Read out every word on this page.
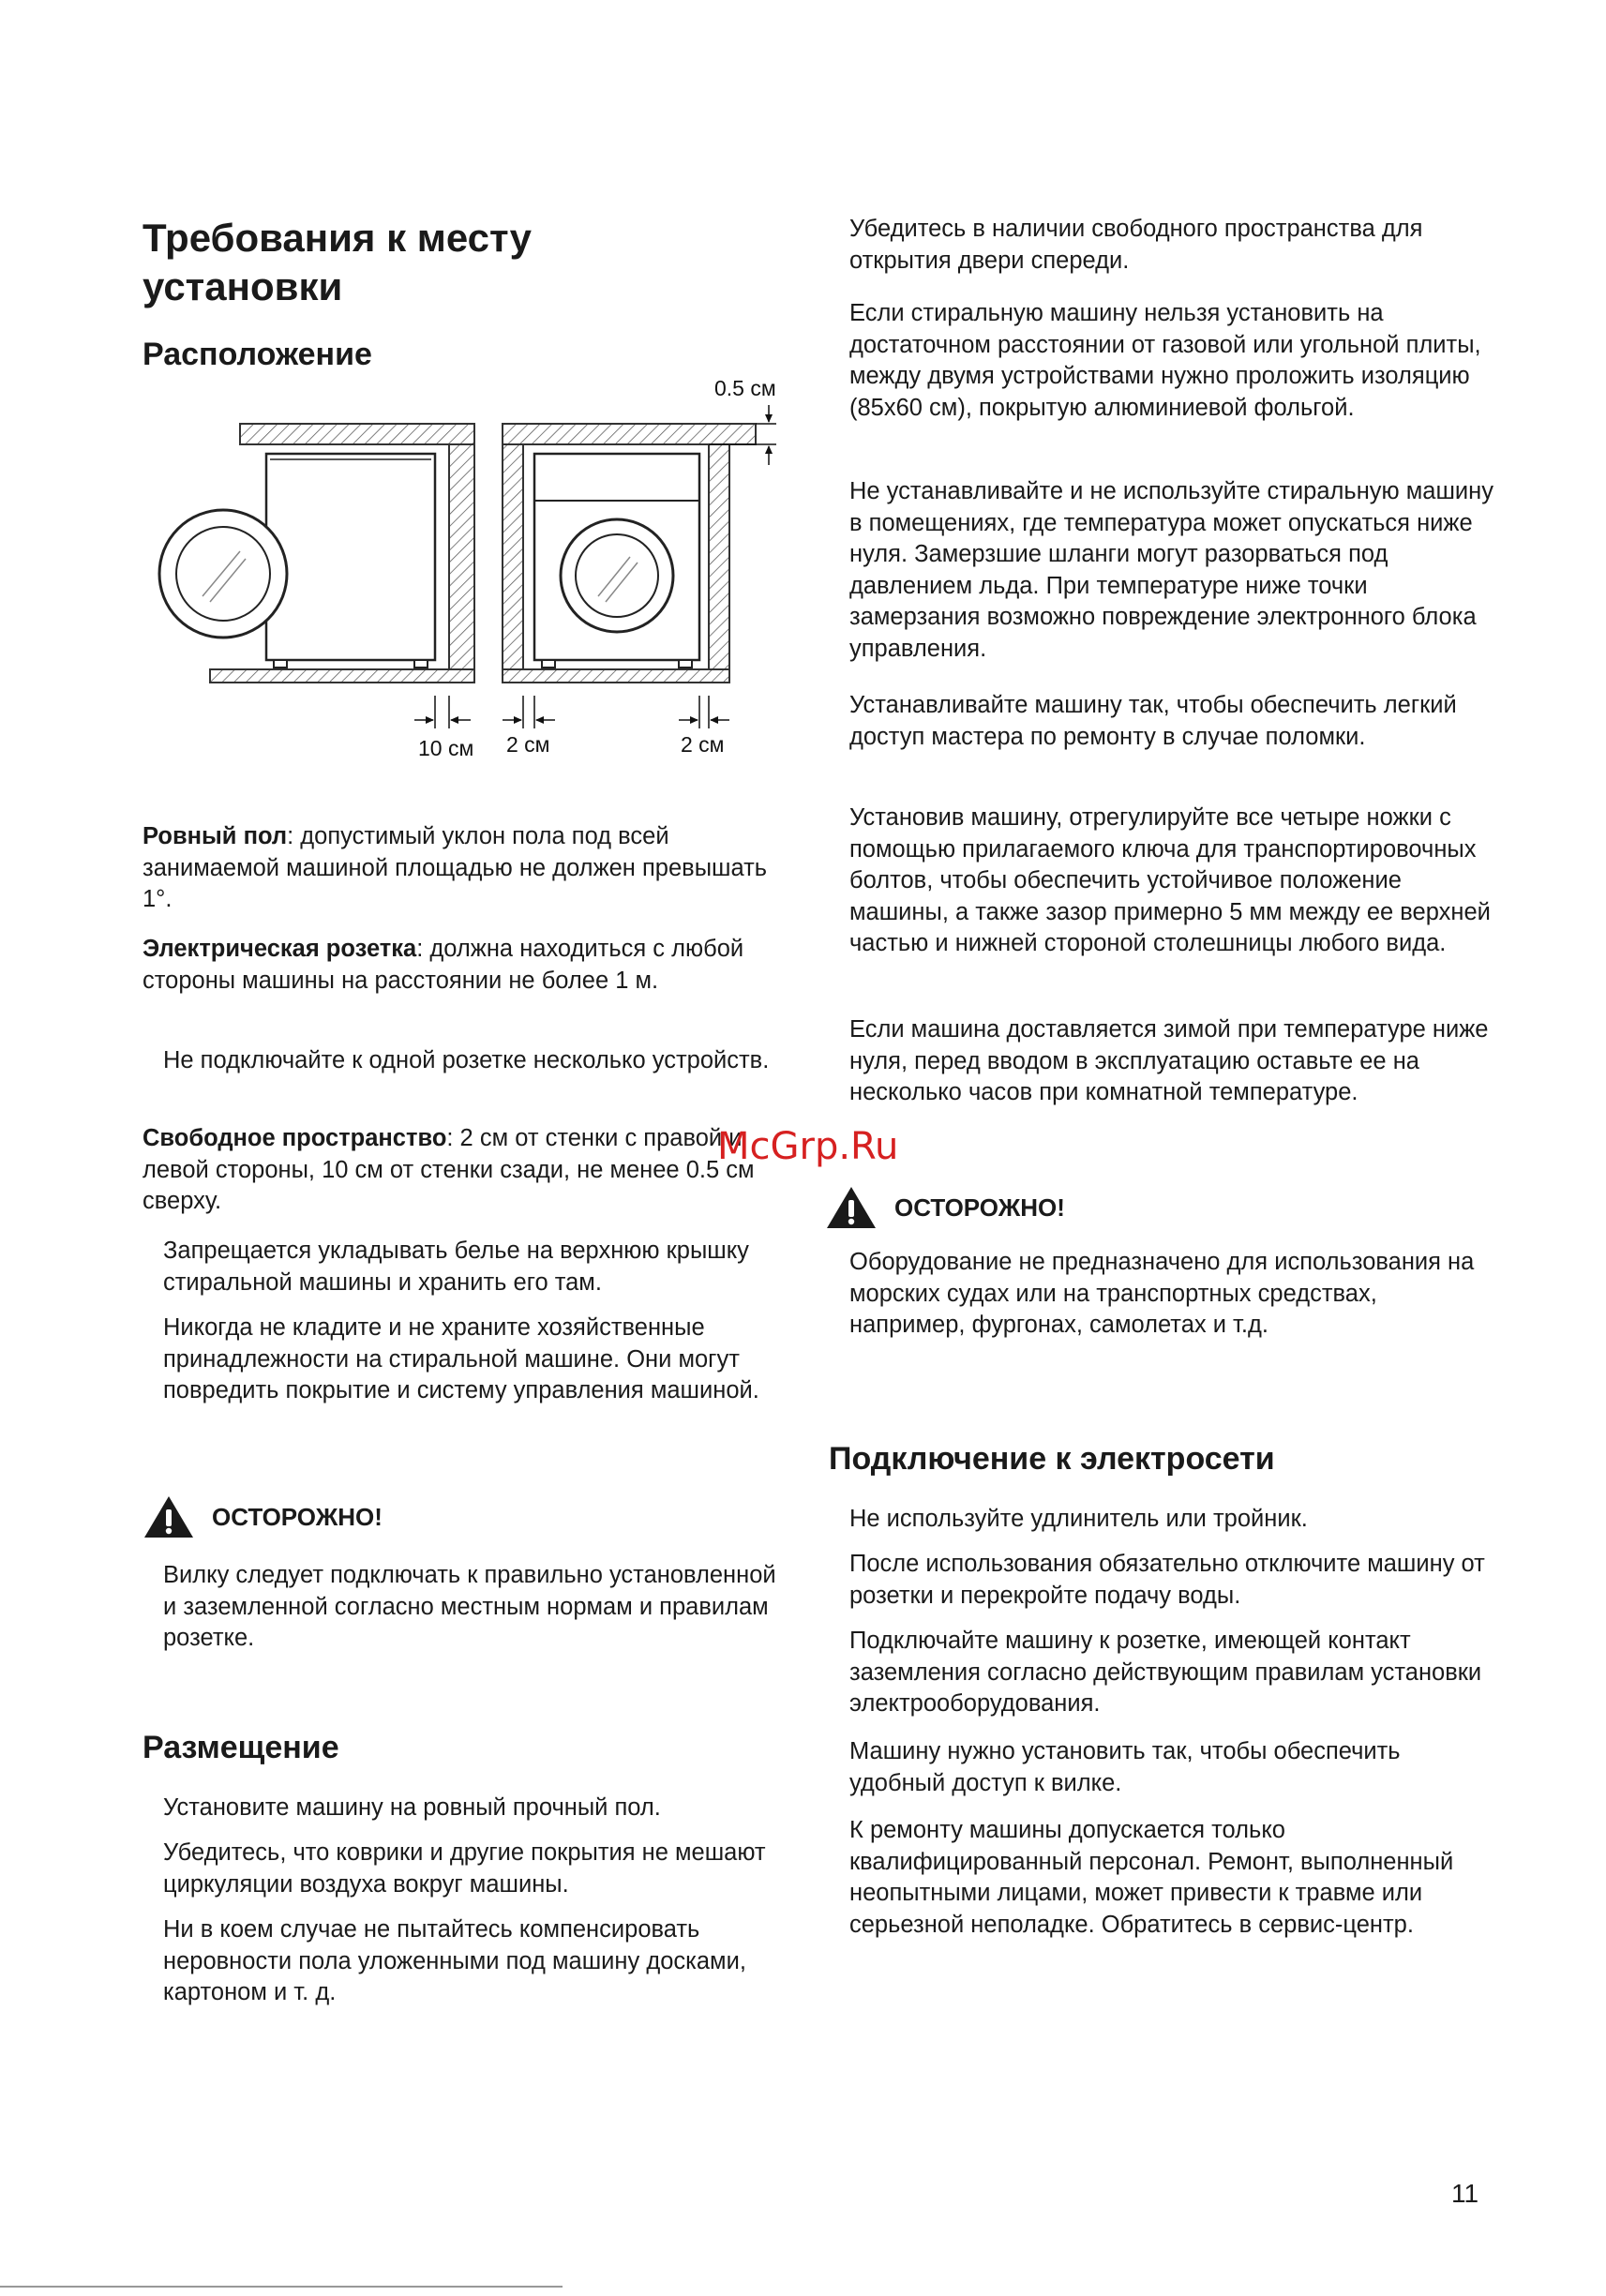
Требования к месту установки
Расположение
0.5 см
10 см 2 см	2 см

Ровный пол: допустимый уклон пола под всей занимаемой машиной площадью не должен превышать 1°.

Электрическая розетка: должна находиться с любой стороны машины на расстоянии не более 1 м.

Не подключайте к одной розетке несколько устройств.

Свободное пространство: 2 см от стенки с правой и левой стороны, 10 см от стенки сзади, не менее 0.5 см сверху.

Запрещается укладывать белье на верхнюю крышку стиральной машины и хранить его там.

Никогда не кладите и не храните хозяйственные принадлежности на стиральной машине. Они могут повредить покрытие и систему управления машиной.

ОСТОРОЖНО!

Вилку следует подключать к правильно установленной и заземленной согласно местным нормам и правилам розетке.

Размещение

Установите машину на ровный прочный пол.

Убедитесь, что коврики и другие покрытия не мешают циркуляции воздуха вокруг машины.

Ни в коем случае не пытайтесь компенсировать неровности пола уложенными под машину досками, картоном и т. д.

Убедитесь в наличии свободного пространства для открытия двери спереди.

Если стиральную машину нельзя установить на достаточном расстоянии от газовой или угольной плиты, между двумя устройствами нужно проложить изоляцию (85x60 см), покрытую алюминиевой фольгой.

Не устанавливайте и не используйте стиральную машину в помещениях, где температура может опускаться ниже нуля. Замерзшие шланги могут разорваться под давлением льда. При температуре ниже точки замерзания возможно повреждение электронного блока управления.

Устанавливайте машину так, чтобы обеспечить легкий доступ мастера по ремонту в случае поломки.

Установив машину, отрегулируйте все четыре ножки с помощью прилагаемого ключа для транспортировочных болтов, чтобы обеспечить устойчивое положение машины, а также зазор примерно 5 мм между ее верхней частью и нижней стороной столешницы любого вида.

Если машина доставляется зимой при температуре ниже нуля, перед вводом в эксплуатацию оставьте ее на несколько часов при комнатной температуре.

ОСТОРОЖНО!

Оборудование не предназначено для использования на морских судах или на транспортных средствах, например, фургонах, самолетах и т.д.

Подключение к электросети

Не используйте удлинитель или тройник.

После использования обязательно отключите машину от розетки и перекройте подачу воды.

Подключайте машину к розетке, имеющей контакт заземления согласно действующим правилам установки электрооборудования.

Машину нужно установить так, чтобы обеспечить удобный доступ к вилке.

К ремонту машины допускается только квалифицированный персонал. Ремонт, выполненный неопытными лицами, может привести к травме или серьезной неполадке. Обратитесь в сервис-центр.

McGrp.Ru
11
